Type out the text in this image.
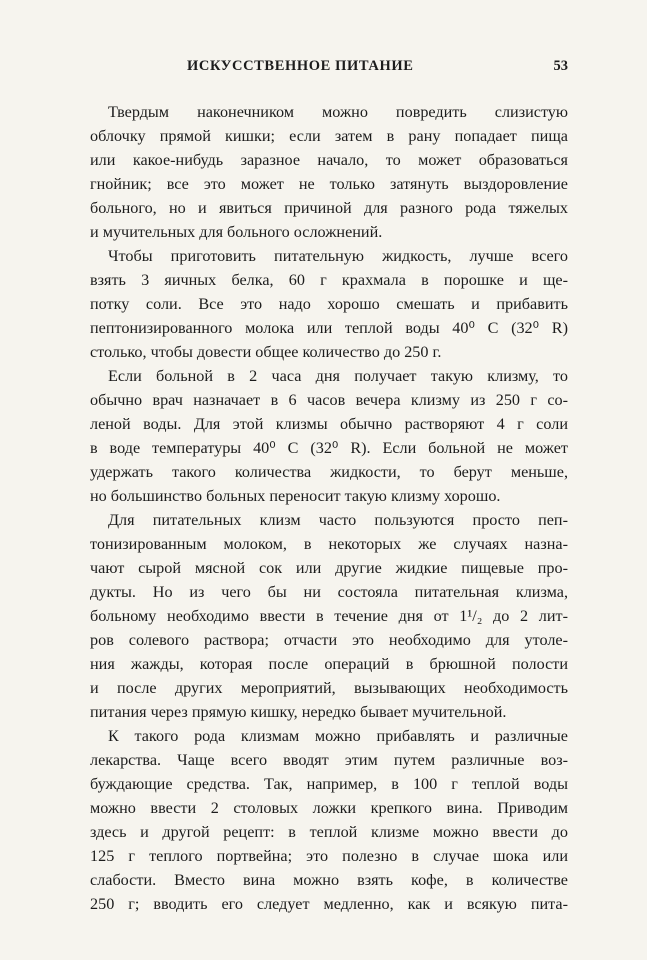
ИСКУССТВЕННОЕ ПИТАНИЕ	53
Твердым наконечником можно повредить слизистую
облочку прямой кишки; если затем в рану попадает пища
или какое-нибудь заразное начало, то может образоваться
гнойник; все это может не только затянуть выздоровление
больного, но и явиться причиной для разного рода тяжелых
и мучительных для больного осложнений.
Чтобы приготовить питательную жидкость, лучше всего
взять 3 яичных белка, 60 г крахмала в порошке и ще-
потку соли. Все это надо хорошо смешать и прибавить
пептонизированного молока или теплой воды 40⁰ С (32⁰ R)
столько, чтобы довести общее количество до 250 г.
Если больной в 2 часа дня получает такую клизму, то
обычно врач назначает в 6 часов вечера клизму из 250 г со-
леной воды. Для этой клизмы обычно растворяют 4 г соли
в воде температуры 40⁰ С (32⁰ R). Если больной не может
удержать такого количества жидкости, то берут меньше,
но большинство больных переносит такую клизму хорошо.
Для питательных клизм часто пользуются просто пеп-
тонизированным молоком, в некоторых же случаях назна-
чают сырой мясной сок или другие жидкие пищевые про-
дукты. Но из чего бы ни состояла питательная клизма,
больному необходимо ввести в течение дня от 1¹/₂ до 2 лит-
ров солевого раствора; отчасти это необходимо для утоле-
ния жажды, которая после операций в брюшной полости
и после других мероприятий, вызывающих необходимость
питания через прямую кишку, нередко бывает мучительной.
К такого рода клизмам можно прибавлять и различные
лекарства. Чаще всего вводят этим путем различные воз-
буждающие средства. Так, например, в 100 г теплой воды
можно ввести 2 столовых ложки крепкого вина. Приводим
здесь и другой рецепт: в теплой клизме можно ввести до
125 г теплого портвейна; это полезно в случае шока или
слабости. Вместо вина можно взять кофе, в количестве
250 г; вводить его следует медленно, как и всякую пита-
